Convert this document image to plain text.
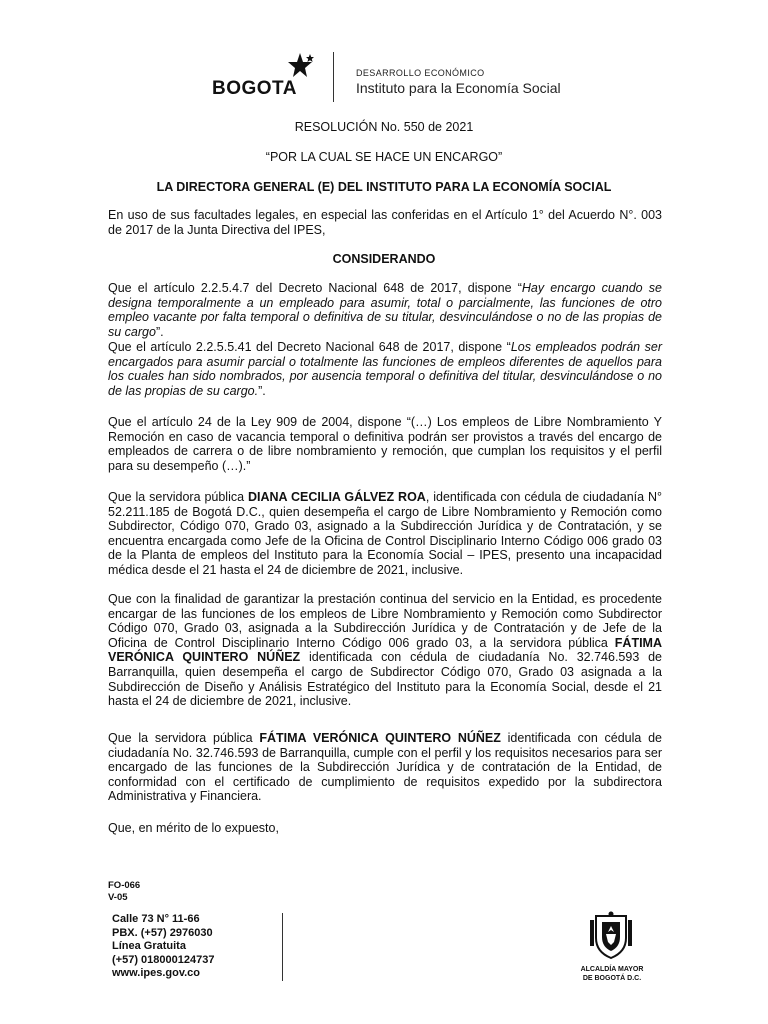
BOGOTA
DESARROLLO ECONÓMICO
Instituto para la Economía Social
RESOLUCIÓN No. 550 de 2021
“POR LA CUAL SE HACE UN ENCARGO”
LA DIRECTORA GENERAL (E) DEL INSTITUTO PARA LA ECONOMÍA SOCIAL
En uso de sus facultades legales, en especial las conferidas en el Artículo 1° del Acuerdo N°. 003 de 2017 de la Junta Directiva del IPES,
CONSIDERANDO
Que el artículo 2.2.5.4.7 del Decreto Nacional 648 de 2017, dispone “Hay encargo cuando se designa temporalmente a un empleado para asumir, total o parcialmente, las funciones de otro empleo vacante por falta temporal o definitiva de su titular, desvinculándose o no de las propias de su cargo”.
Que el artículo 2.2.5.5.41 del Decreto Nacional 648 de 2017, dispone “Los empleados podrán ser encargados para asumir parcial o totalmente las funciones de empleos diferentes de aquellos para los cuales han sido nombrados, por ausencia temporal o definitiva del titular, desvinculándose o no de las propias de su cargo.”.
Que el artículo 24 de la Ley 909 de 2004, dispone “(…) Los empleos de Libre Nombramiento Y Remoción en caso de vacancia temporal o definitiva podrán ser provistos a través del encargo de empleados de carrera o de libre nombramiento y remoción, que cumplan los requisitos y el perfil para su desempeño (…).”
Que la servidora pública DIANA CECILIA GÁLVEZ ROA, identificada con cédula de ciudadanía N° 52.211.185 de Bogotá D.C., quien desempeña el cargo de Libre Nombramiento y Remoción como Subdirector, Código 070, Grado 03, asignado a la Subdirección Jurídica y de Contratación, y se encuentra encargada como Jefe de la Oficina de Control Disciplinario Interno Código 006 grado 03 de la Planta de empleos del Instituto para la Economía Social – IPES, presento una incapacidad médica desde el 21 hasta el 24 de diciembre de 2021, inclusive.
Que con la finalidad de garantizar la prestación continua del servicio en la Entidad, es procedente encargar de las funciones de los empleos de Libre Nombramiento y Remoción como Subdirector Código 070, Grado 03, asignada a la Subdirección Jurídica y de Contratación y de Jefe de la Oficina de Control Disciplinario Interno Código 006 grado 03, a la servidora pública FÁTIMA VERÓNICA QUINTERO NÚÑEZ identificada con cédula de ciudadanía No. 32.746.593 de Barranquilla, quien desempeña el cargo de Subdirector Código 070, Grado 03 asignada a la Subdirección de Diseño y Análisis Estratégico del Instituto para la Economía Social, desde el 21 hasta el 24 de diciembre de 2021, inclusive.
Que la servidora pública FÁTIMA VERÓNICA QUINTERO NÚÑEZ identificada con cédula de ciudadanía No. 32.746.593 de Barranquilla, cumple con el perfil y los requisitos necesarios para ser encargado de las funciones de la Subdirección Jurídica y de contratación de la Entidad, de conformidad con el certificado de cumplimiento de requisitos expedido por la subdirectora Administrativa y Financiera.
Que, en mérito de lo expuesto,
FO-066
V-05
Calle 73 N° 11-66
PBX. (+57) 2976030
Línea Gratuita
(+57) 018000124737
www.ipes.gov.co	ALCALDÍA MAYOR
DE BOGOTÁ D.C.
